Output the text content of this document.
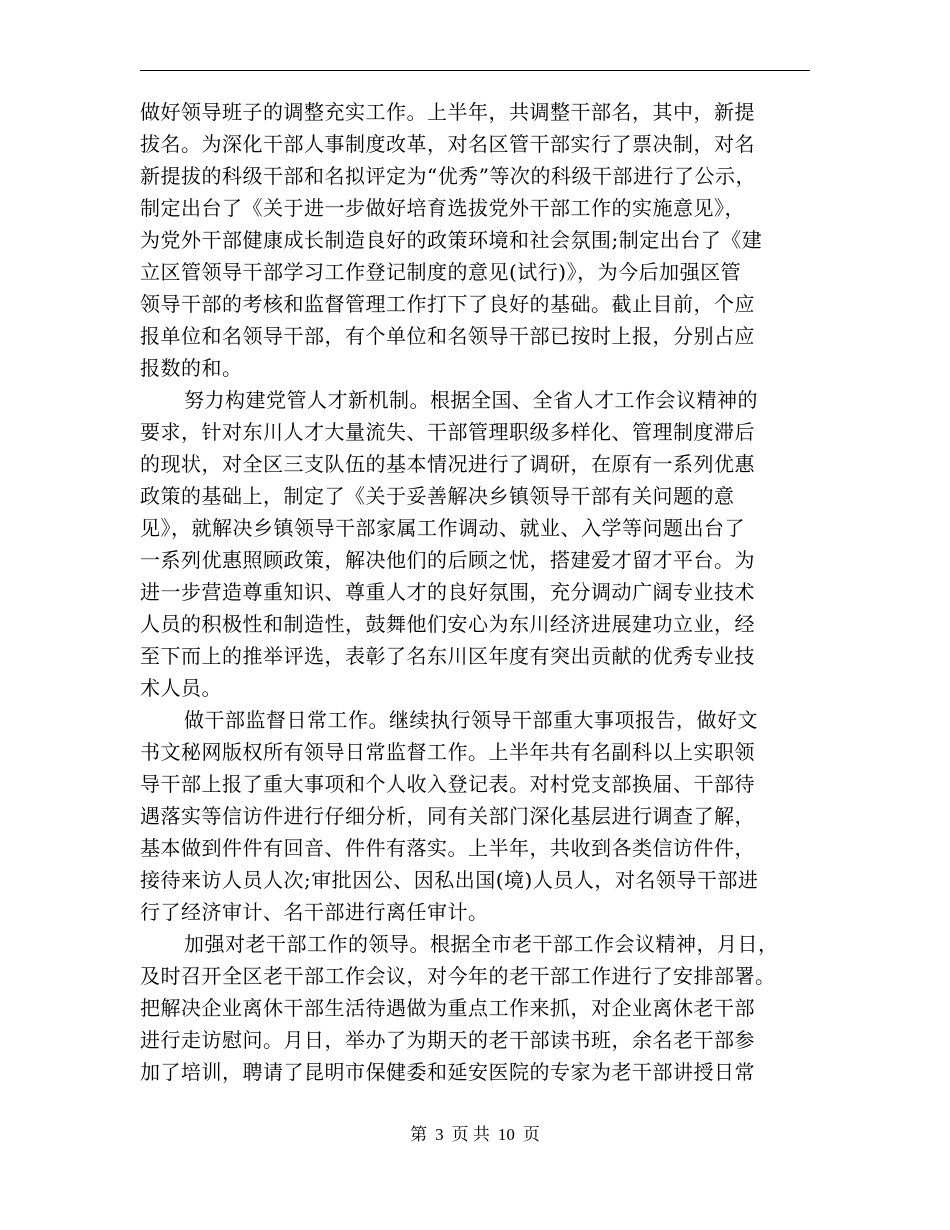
做好领导班子的调整充实工作。上半年，共调整干部名，其中，新提
拔名。为深化干部人事制度改革，对名区管干部实行了票决制，对名
新提拔的科级干部和名拟评定为“优秀”等次的科级干部进行了公示，
制定出台了《关于进一步做好培育选拔党外干部工作的实施意见》，
为党外干部健康成长制造良好的政策环境和社会氛围;制定出台了《建
立区管领导干部学习工作登记制度的意见(试行)》，为今后加强区管
领导干部的考核和监督管理工作打下了良好的基础。截止目前，个应
报单位和名领导干部，有个单位和名领导干部已按时上报，分别占应
报数的和。
努力构建党管人才新机制。根据全国、全省人才工作会议精神的
要求，针对东川人才大量流失、干部管理职级多样化、管理制度滞后
的现状，对全区三支队伍的基本情况进行了调研，在原有一系列优惠
政策的基础上，制定了《关于妥善解决乡镇领导干部有关问题的意
见》，就解决乡镇领导干部家属工作调动、就业、入学等问题出台了
一系列优惠照顾政策，解决他们的后顾之忧，搭建爱才留才平台。为
进一步营造尊重知识、尊重人才的良好氛围，充分调动广阔专业技术
人员的积极性和制造性，鼓舞他们安心为东川经济进展建功立业，经
至下而上的推举评选，表彰了名东川区年度有突出贡献的优秀专业技
术人员。
做干部监督日常工作。继续执行领导干部重大事项报告，做好文
书文秘网版权所有领导日常监督工作。上半年共有名副科以上实职领
导干部上报了重大事项和个人收入登记表。对村党支部换届、干部待
遇落实等信访件进行仔细分析，同有关部门深化基层进行调查了解，
基本做到件件有回音、件件有落实。上半年，共收到各类信访件件，
接待来访人员人次;审批因公、因私出国(境)人员人，对名领导干部进
行了经济审计、名干部进行离任审计。
加强对老干部工作的领导。根据全市老干部工作会议精神，月日，
及时召开全区老干部工作会议，对今年的老干部工作进行了安排部署。
把解决企业离休干部生活待遇做为重点工作来抓，对企业离休老干部
进行走访慰问。月日，举办了为期天的老干部读书班，余名老干部参
加了培训，聘请了昆明市保健委和延安医院的专家为老干部讲授日常
第 3 页 共 10 页
